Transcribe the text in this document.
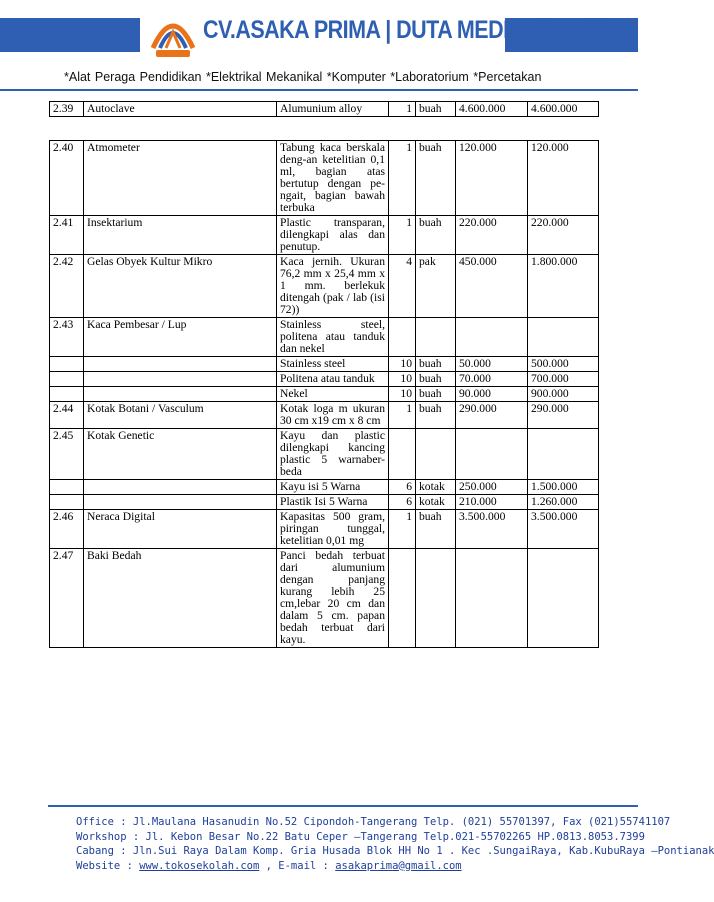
CV.ASAKA PRIMA | DUTA MEDIA GROUP
*Alat Peraga Pendidikan *Elektrikal Mekanikal *Komputer *Laboratorium *Percetakan
2.39	Autoclave	Alumunium alloy	1	buah	4.600.000	4.600.000
2.40	Atmometer	Tabung kaca berskala deng-an ketelitian 0,1 ml, bagian atas bertutup dengan pe-ngait, bagian bawah terbuka	1	buah	120.000	120.000
2.41	Insektarium	Plastic transparan, dilengkapi alas dan penutup.	1	buah	220.000	220.000
2.42	Gelas Obyek Kultur Mikro	Kaca jernih. Ukuran 76,2 mm x 25,4 mm x 1 mm. berlekuk ditengah (pak / lab (isi 72))	4	pak	450.000	1.800.000
2.43	Kaca Pembesar / Lup	Stainless steel, politena atau tanduk dan nekel				
		Stainless steel	10	buah	50.000	500.000
		Politena atau tanduk	10	buah	70.000	700.000
		Nekel	10	buah	90.000	900.000
2.44	Kotak Botani / Vasculum	Kotak loga m ukuran 30 cm x19 cm x 8 cm	1	buah	290.000	290.000
2.45	Kotak Genetic	Kayu dan plastic dilengkapi kancing plastic 5 warnaber-beda				
		Kayu isi 5 Warna	6	kotak	250.000	1.500.000
		Plastik Isi 5 Warna	6	kotak	210.000	1.260.000
2.46	Neraca Digital	Kapasitas 500 gram, piringan tunggal, ketelitian 0,01 mg	1	buah	3.500.000	3.500.000
2.47	Baki Bedah	Panci bedah terbuat dari alumunium dengan panjang kurang lebih 25 cm,lebar 20 cm dan dalam 5 cm. papan bedah terbuat dari kayu.				
Office : Jl.Maulana Hasanudin No.52 Cipondoh-Tangerang Telp. (021) 55701397, Fax (021)55741107
Workshop : Jl. Kebon Besar No.22 Batu Ceper –Tangerang Telp.021-55702265 HP.0813.8053.7399
Cabang : Jln.Sui Raya Dalam Komp. Gria Husada Blok HH No 1 . Kec .SungaiRaya, Kab.KubuRaya –Pontianak
Website : www.tokosekolah.com , E-mail : asakaprima@gmail.com
